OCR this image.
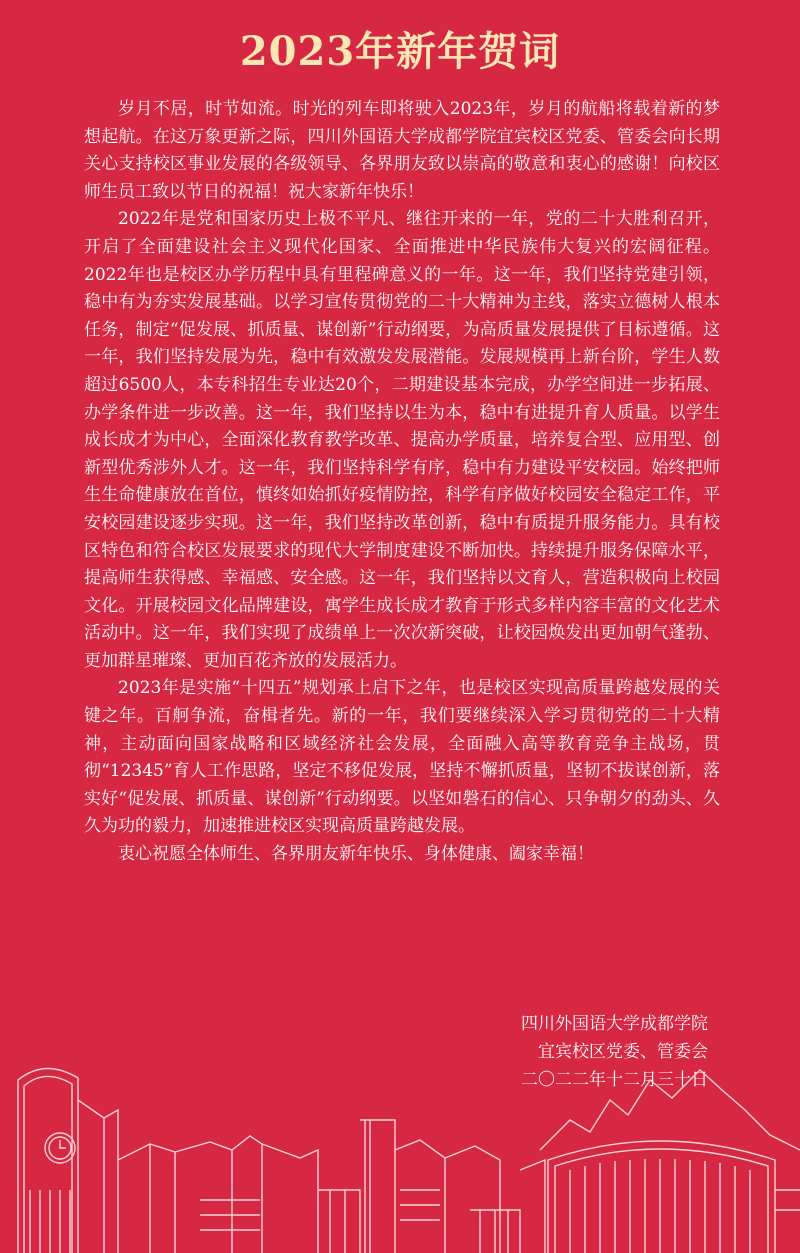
2023年新年贺词

岁月不居，时节如流。时光的列车即将驶入2023年，岁月的航船将载着新的梦想起航。在这万象更新之际，四川外国语大学成都学院宜宾校区党委、管委会向长期关心支持校区事业发展的各级领导、各界朋友致以崇高的敬意和衷心的感谢！向校区师生员工致以节日的祝福！祝大家新年快乐！

2022年是党和国家历史上极不平凡、继往开来的一年，党的二十大胜利召开，开启了全面建设社会主义现代化国家、全面推进中华民族伟大复兴的宏阔征程。2022年也是校区办学历程中具有里程碑意义的一年。这一年，我们坚持党建引领，稳中有为夯实发展基础。以学习宣传贯彻党的二十大精神为主线，落实立德树人根本任务，制定“促发展、抓质量、谋创新”行动纲要，为高质量发展提供了目标遵循。这一年，我们坚持发展为先，稳中有效激发发展潜能。发展规模再上新台阶，学生人数超过6500人，本专科招生专业达20个，二期建设基本完成，办学空间进一步拓展、办学条件进一步改善。这一年，我们坚持以生为本，稳中有进提升育人质量。以学生成长成才为中心，全面深化教育教学改革、提高办学质量，培养复合型、应用型、创新型优秀涉外人才。这一年，我们坚持科学有序，稳中有力建设平安校园。始终把师生生命健康放在首位，慎终如始抓好疫情防控，科学有序做好校园安全稳定工作，平安校园建设逐步实现。这一年，我们坚持改革创新，稳中有质提升服务能力。具有校区特色和符合校区发展要求的现代大学制度建设不断加快。持续提升服务保障水平，提高师生获得感、幸福感、安全感。这一年，我们坚持以文育人，营造积极向上校园文化。开展校园文化品牌建设，寓学生成长成才教育于形式多样内容丰富的文化艺术活动中。这一年，我们实现了成绩单上一次次新突破，让校园焕发出更加朝气蓬勃、更加群星璀璨、更加百花齐放的发展活力。

2023年是实施“十四五”规划承上启下之年，也是校区实现高质量跨越发展的关键之年。百舸争流，奋楫者先。新的一年，我们要继续深入学习贯彻党的二十大精神，主动面向国家战略和区域经济社会发展，全面融入高等教育竞争主战场，贯彻“12345”育人工作思路，坚定不移促发展，坚持不懈抓质量，坚韧不拔谋创新，落实好“促发展、抓质量、谋创新”行动纲要。以坚如磐石的信心、只争朝夕的劲头、久久为功的毅力，加速推进校区实现高质量跨越发展。

衷心祝愿全体师生、各界朋友新年快乐、身体健康、阖家幸福！

四川外国语大学成都学院
宜宾校区党委、管委会
二〇二二年十二月三十日
